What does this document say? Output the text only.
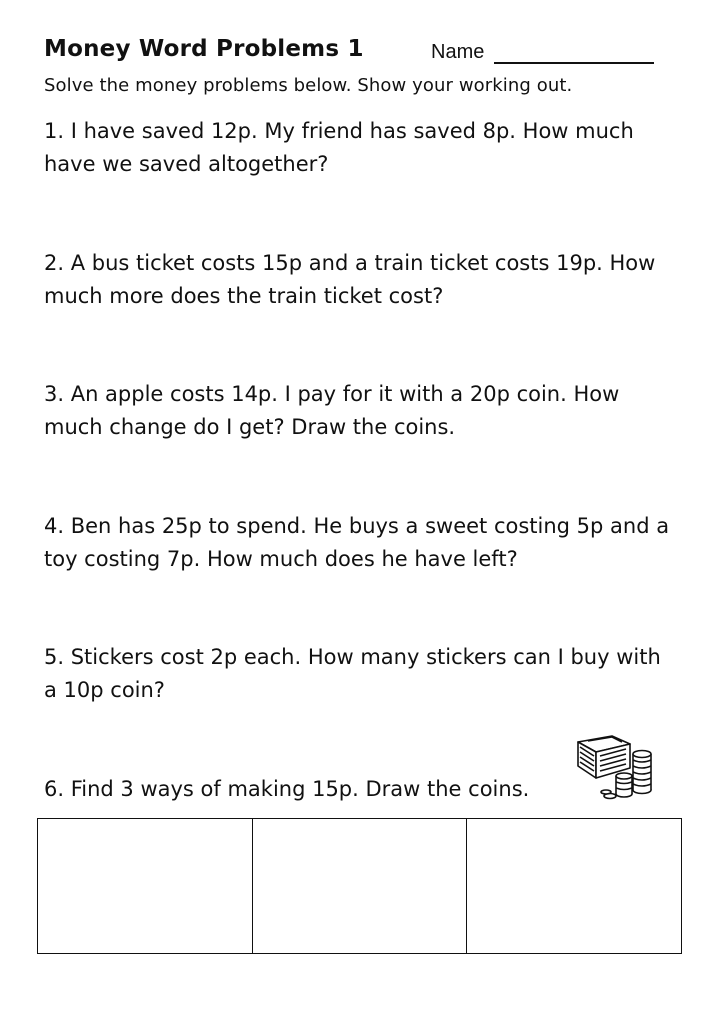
Money Word Problems 1	Name
Solve the money problems below. Show your working out.
1. I have saved 12p. My friend has saved 8p. How much have we saved altogether?
2. A bus ticket costs 15p and a train ticket costs 19p. How much more does the train ticket cost?
3. An apple costs 14p. I pay for it with a 20p coin. How much change do I get? Draw the coins.
4. Ben has 25p to spend. He buys a sweet costing 5p and a toy costing 7p. How much does he have left?
5. Stickers cost 2p each. How many stickers can I buy with a 10p coin?
6. Find 3 ways of making 15p. Draw the coins.
